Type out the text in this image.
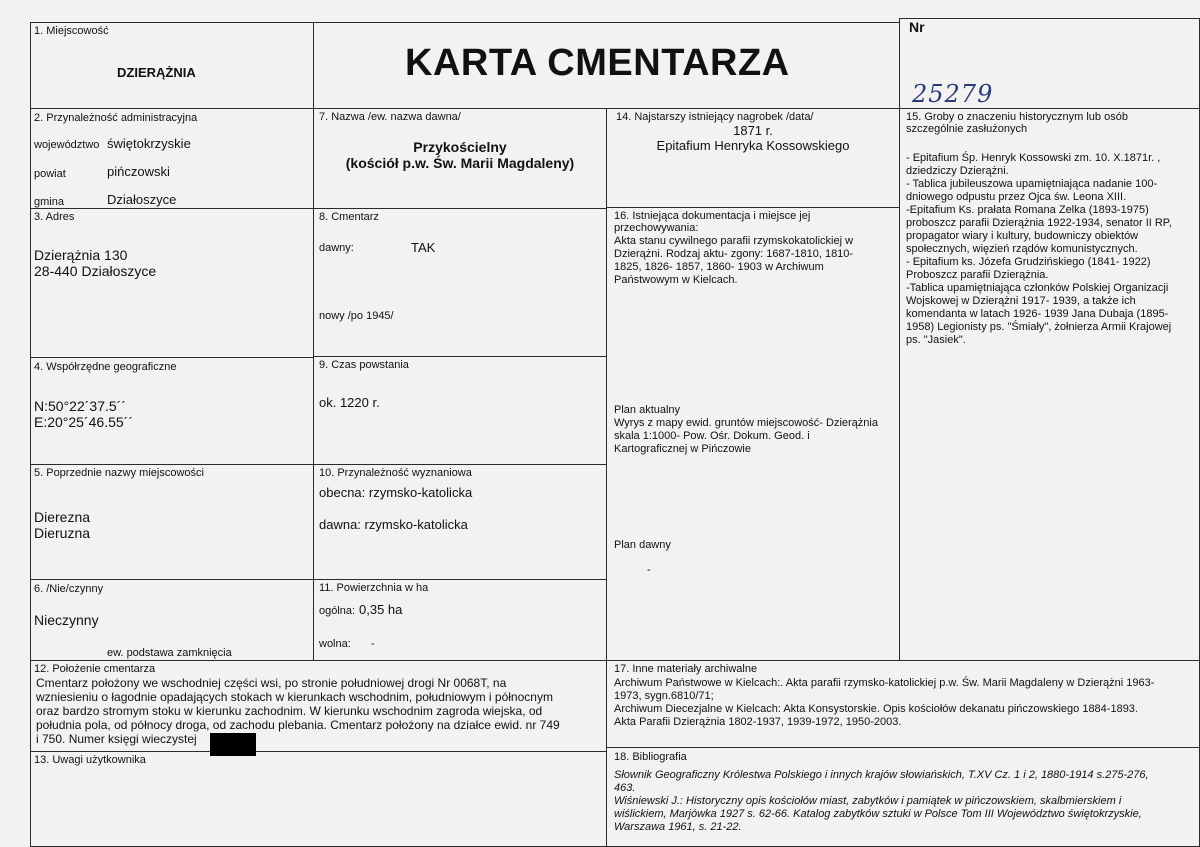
1. Miejscowość
DZIERĄŻNIA	KARTA CMENTARZA
Nr
25279
2. Przynależność administracyjna
województwo świętokrzyskie
powiat	pińczowski
gmina	Działoszyce
3. Adres
Dzierążnia 130
28-440 Działoszyce
4. Współrzędne geograficzne
N:50°22´37.5´´
E:20°25´46.55´´
5. Poprzednie nazwy miejscowości
Dierezna
Dieruzna
6. /Nie/czynny
Nieczynny
ew. podstawa zamknięcia
7. Nazwa /ew. nazwa dawna/
Przykościelny
(kościół p.w. Św. Marii Magdaleny)
8. Cmentarz
dawny:	TAK
nowy /po 1945/
9. Czas powstania
ok. 1220 r.
10. Przynależność wyznaniowa
obecna: rzymsko-katolicka
dawna: rzymsko-katolicka
11. Powierzchnia w ha
ogólna: 0,35 ha
wolna: -
14. Najstarszy istniejący nagrobek /data/
1871 r.
Epitafium Henryka Kossowskiego
16. Istniejąca dokumentacja i miejsce jej
przechowywania:
Akta stanu cywilnego parafii rzymskokatolickiej w
Dzierążni. Rodzaj aktu- zgony: 1687-1810, 1810-
1825, 1826- 1857, 1860- 1903 w Archiwum
Państwowym w Kielcach.
Plan aktualny
Wyrys z mapy ewid. gruntów miejscowość- Dzierążnia
skala 1:1000- Pow. Ośr. Dokum. Geod. i
Kartograficznej w Pińczowie
Plan dawny
-
15. Groby o znaczeniu historycznym lub osób
szczególnie zasłużonych
- Epitafium Śp. Henryk Kossowski zm. 10. X.1871r. ,
dziedziczy Dzierążni.
- Tablica jubileuszowa upamiętniająca nadanie 100-
dniowego odpustu przez Ojca św. Leona XIII.
-Epitafium Ks. prałata Romana Zelka (1893-1975)
proboszcz parafii Dzierążnia 1922-1934, senator II RP,
propagator wiary i kultury, budowniczy obiektów
społecznych, więzień rządów komunistycznych.
- Epitafium ks. Józefa Grudzińskiego (1841- 1922)
Proboszcz parafii Dzierążnia.
-Tablica upamiętniająca członków Polskiej Organizacji
Wojskowej w Dzierążni 1917- 1939, a także ich
komendanta w latach 1926- 1939 Jana Dubaja (1895-
1958) Legionisty ps. "Śmiały", żołnierza Armii Krajowej
ps. "Jasiek".
12. Położenie cmentarza
Cmentarz położony we wschodniej części wsi, po stronie południowej drogi Nr 0068T, na
wzniesieniu o łagodnie opadających stokach w kierunkach wschodnim, południowym i północnym
oraz bardzo stromym stoku w kierunku zachodnim. W kierunku wschodnim zagroda wiejska, od
południa pola, od północy droga, od zachodu plebania. Cmentarz położony na działce ewid. nr 749
i 750. Numer księgi wieczystej
13. Uwagi użytkownika
17. Inne materiały archiwalne
Archiwum Państwowe w Kielcach:. Akta parafii rzymsko-katolickiej p.w. Św. Marii Magdaleny w Dzierążni 1963-
1973, sygn.6810/71;
Archiwum Diecezjalne w Kielcach: Akta Konsystorskie. Opis kościołów dekanatu pińczowskiego 1884-1893.
Akta Parafii Dzierążnia 1802-1937, 1939-1972, 1950-2003.
18. Bibliografia
Słownik Geograficzny Królestwa Polskiego i innych krajów słowiańskich, T.XV Cz. 1 i 2, 1880-1914 s.275-276,
463.
Wiśniewski J.: Historyczny opis kościołów miast, zabytków i pamiątek w pińczowskiem, skalbmierskiem i
wiślickiem, Marjówka 1927 s. 62-66. Katalog zabytków sztuki w Polsce Tom III Województwo świętokrzyskie,
Warszawa 1961, s. 21-22.
